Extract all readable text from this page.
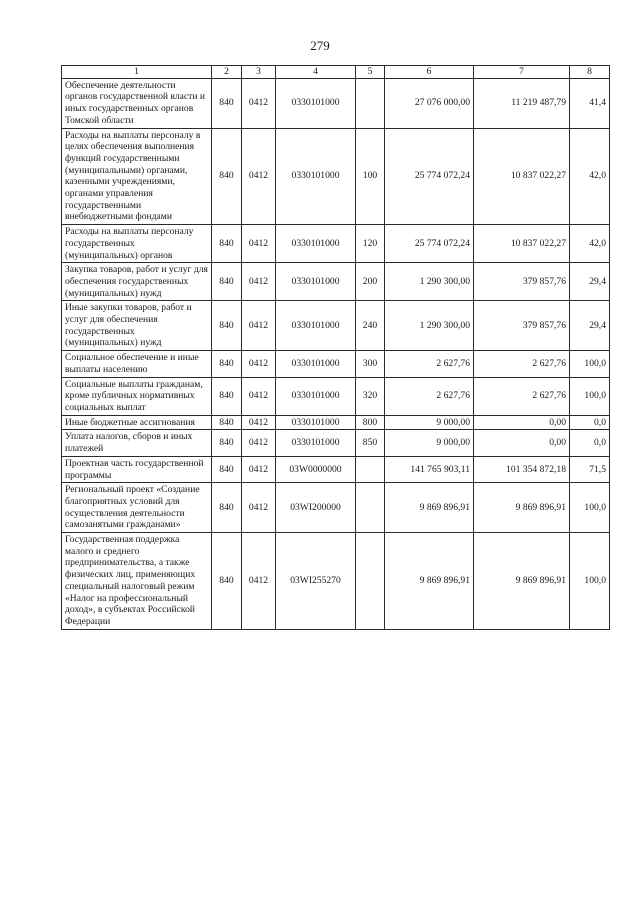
279
1	2	3	4	5	6	7	8
Обеспечение деятельности органов государственной власти и иных государственных органов Томской области	840	0412	0330101000		27 076 000,00	11 219 487,79	41,4
Расходы на выплаты персоналу в целях обеспечения выполнения функций государственными (муниципальными) органами, казенными учреждениями, органами управления государственными внебюджетными фондами	840	0412	0330101000	100	25 774 072,24	10 837 022,27	42,0
Расходы на выплаты персоналу государственных (муниципальных) органов	840	0412	0330101000	120	25 774 072,24	10 837 022,27	42,0
Закупка товаров, работ и услуг для обеспечения государственных (муниципальных) нужд	840	0412	0330101000	200	1 290 300,00	379 857,76	29,4
Иные закупки товаров, работ и услуг для обеспечения государственных (муниципальных) нужд	840	0412	0330101000	240	1 290 300,00	379 857,76	29,4
Социальное обеспечение и иные выплаты населению	840	0412	0330101000	300	2 627,76	2 627,76	100,0
Социальные выплаты гражданам, кроме публичных нормативных социальных выплат	840	0412	0330101000	320	2 627,76	2 627,76	100,0
Иные бюджетные ассигнования	840	0412	0330101000	800	9 000,00	0,00	0,0
Уплата налогов, сборов и иных платежей	840	0412	0330101000	850	9 000,00	0,00	0,0
Проектная часть государственной программы	840	0412	03W0000000		141 765 903,11	101 354 872,18	71,5
Региональный проект «Создание благоприятных условий для осуществления деятельности самозанятыми гражданами»	840	0412	03WI200000		9 869 896,91	9 869 896,91	100,0
Государственная поддержка малого и среднего предпринимательства, а также физических лиц, применяющих специальный налоговый режим «Налог на профессиональный доход», в субъектах Российской Федерации	840	0412	03WI255270		9 869 896,91	9 869 896,91	100,0
